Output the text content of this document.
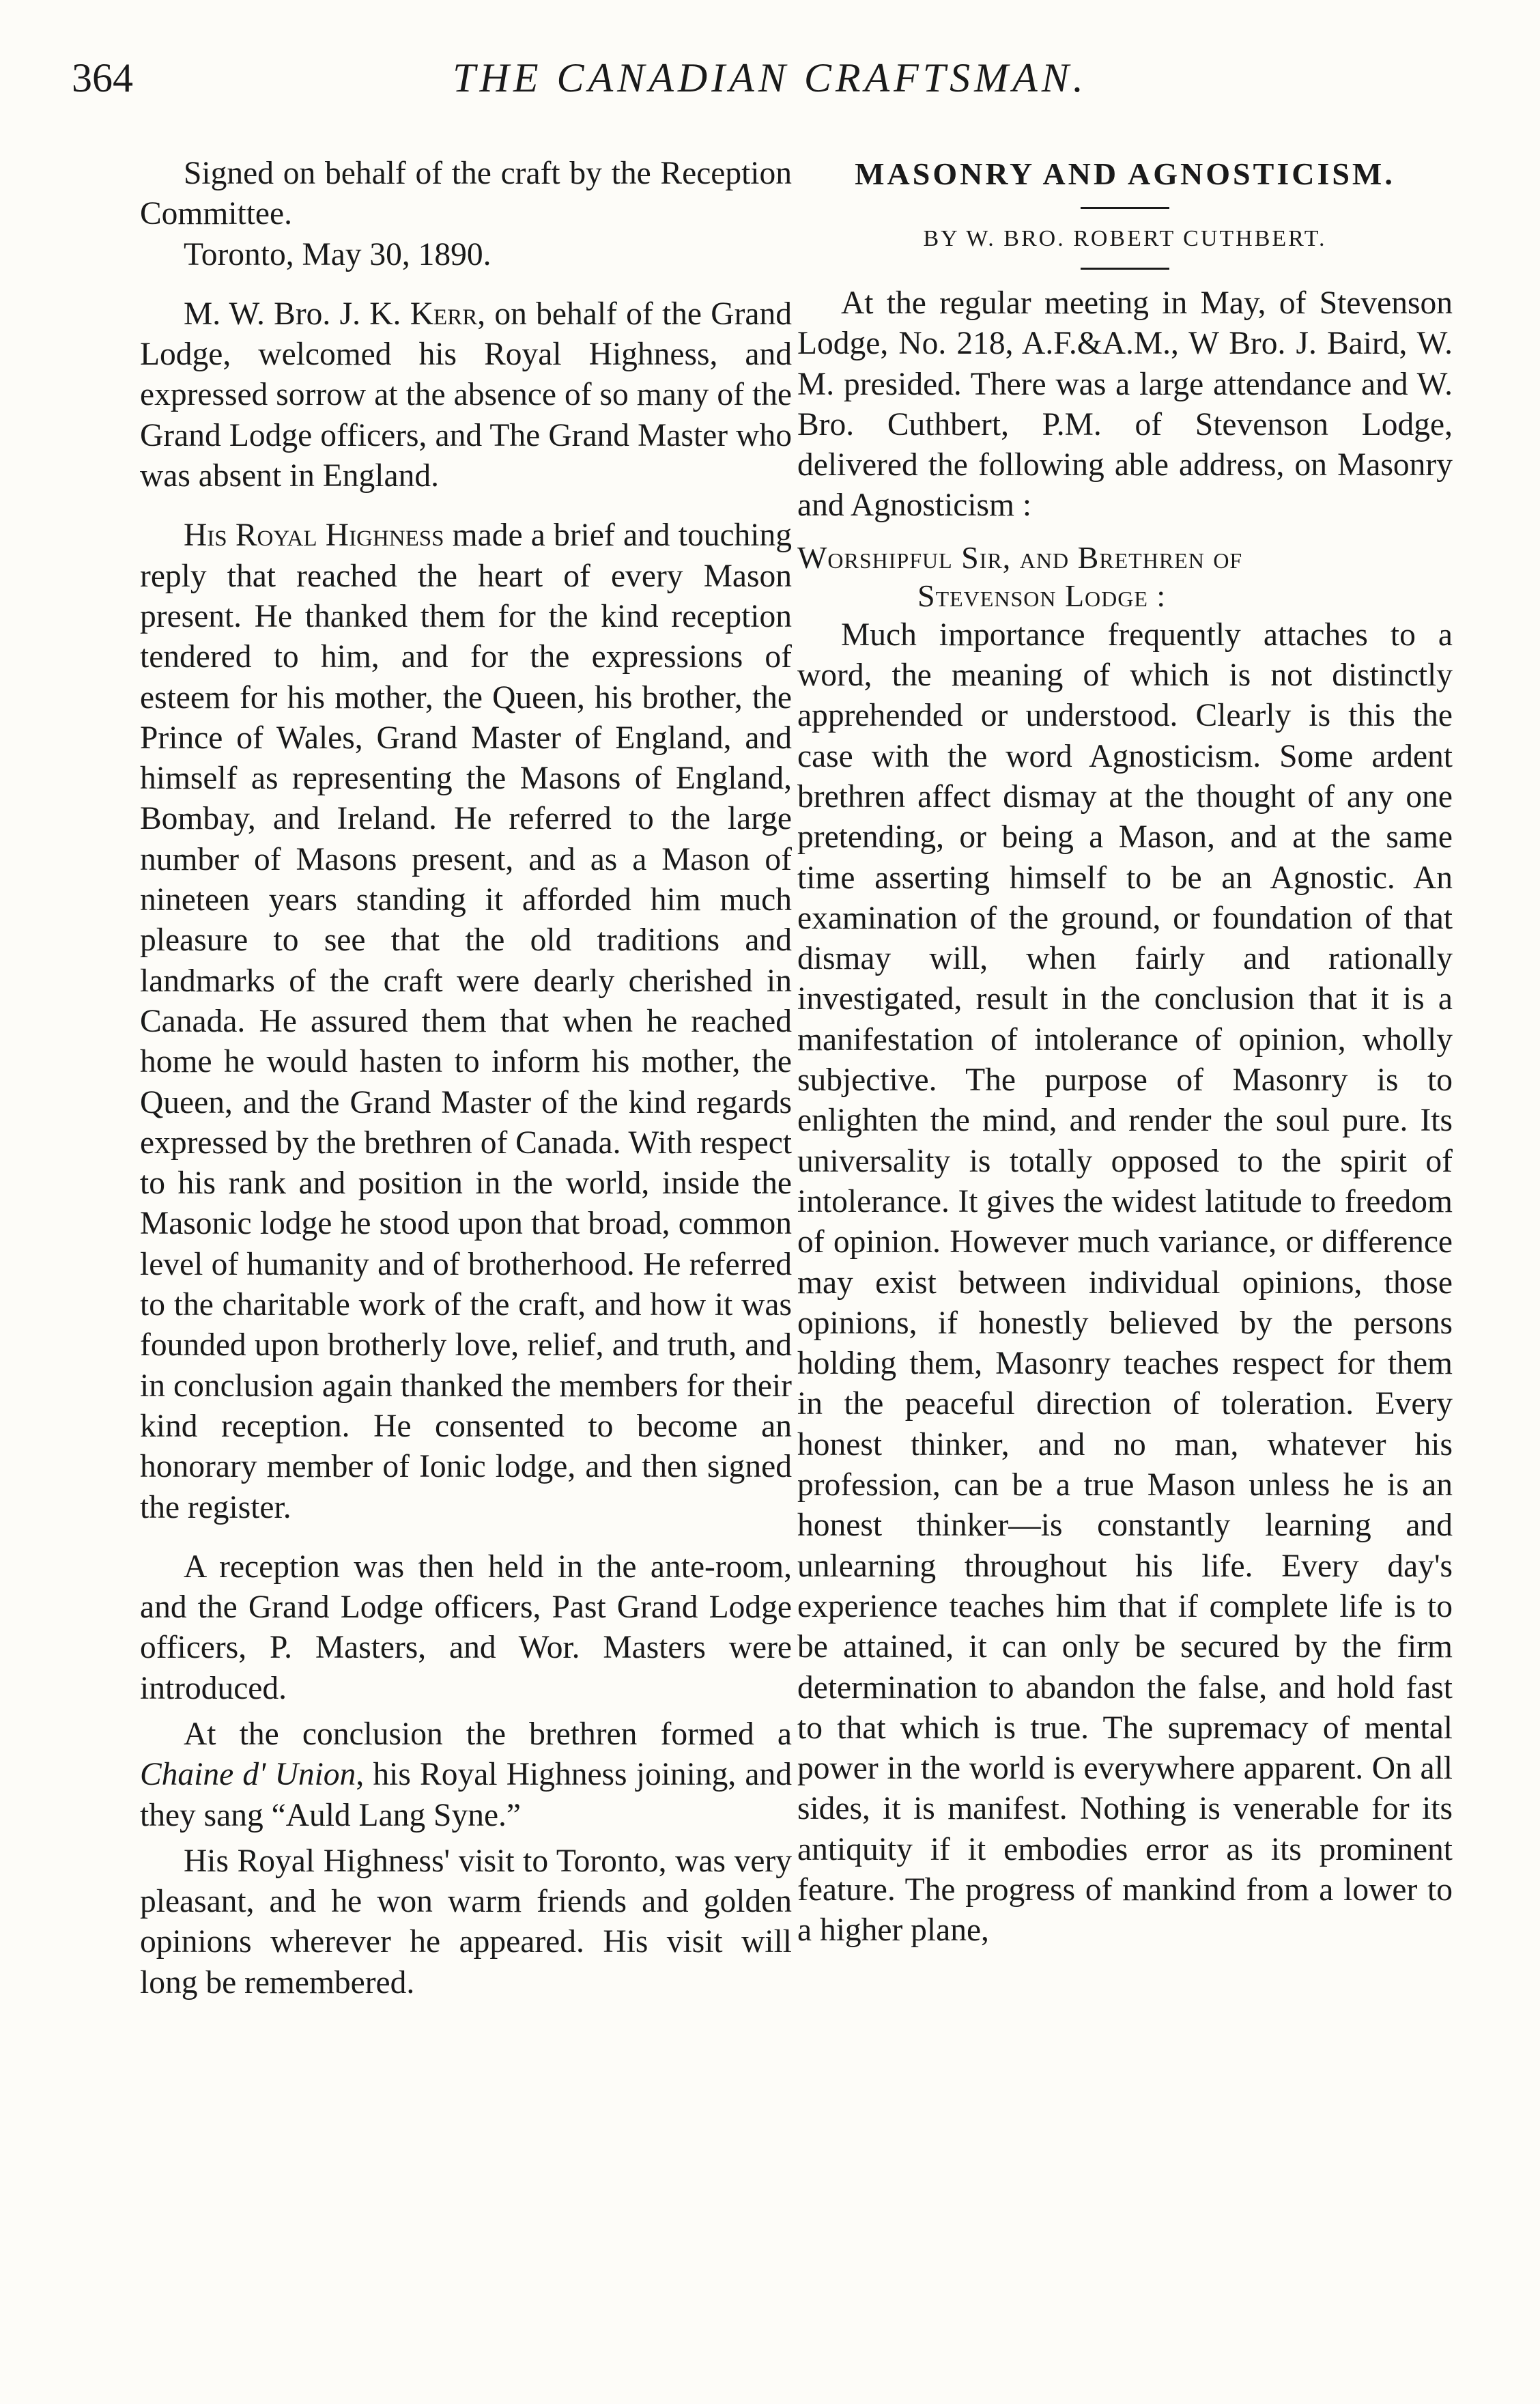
364	THE CANADIAN CRAFTSMAN.

Signed on behalf of the craft by the Reception Committee.

Toronto, May 30, 1890.

M. W. Bro. J. K. Kerr, on behalf of the Grand Lodge, welcomed his Royal Highness, and expressed sorrow at the absence of so many of the Grand Lodge officers, and The Grand Master who was absent in England.

His Royal Highness made a brief and touching reply that reached the heart of every Mason present. He thanked them for the kind reception tendered to him, and for the expressions of esteem for his mother, the Queen, his brother, the Prince of Wales, Grand Master of England, and himself as representing the Masons of England, Bombay, and Ireland. He referred to the large number of Masons present, and as a Mason of nineteen years standing it afforded him much pleasure to see that the old traditions and landmarks of the craft were dearly cherished in Canada. He assured them that when he reached home he would hasten to inform his mother, the Queen, and the Grand Master of the kind regards expressed by the brethren of Canada. With respect to his rank and position in the world, inside the Masonic lodge he stood upon that broad, common level of humanity and of brotherhood. He referred to the charitable work of the craft, and how it was founded upon brotherly love, relief, and truth, and in conclusion again thanked the members for their kind reception. He consented to become an honorary member of Ionic lodge, and then signed the register.

A reception was then held in the ante-room, and the Grand Lodge officers, Past Grand Lodge officers, P. Masters, and Wor. Masters were introduced.

At the conclusion the brethren formed a Chaine d' Union, his Royal Highness joining, and they sang “Auld Lang Syne.”

His Royal Highness' visit to Toronto, was very pleasant, and he won warm friends and golden opinions wherever he appeared. His visit will long be remembered.

MASONRY AND AGNOSTICISM.

BY W. BRO. ROBERT CUTHBERT.

At the regular meeting in May, of Stevenson Lodge, No. 218, A.F.&A.M., W Bro. J. Baird, W. M. presided. There was a large attendance and W. Bro. Cuthbert, P.M. of Stevenson Lodge, delivered the following able address, on Masonry and Agnosticism :

Worshipful Sir, and Brethren of
Stevenson Lodge :

Much importance frequently attaches to a word, the meaning of which is not distinctly apprehended or understood. Clearly is this the case with the word Agnosticism. Some ardent brethren affect dismay at the thought of any one pretending, or being a Mason, and at the same time asserting himself to be an Agnostic. An examination of the ground, or foundation of that dismay will, when fairly and rationally investigated, result in the conclusion that it is a manifestation of intolerance of opinion, wholly subjective. The purpose of Masonry is to enlighten the mind, and render the soul pure. Its universality is totally opposed to the spirit of intolerance. It gives the widest latitude to freedom of opinion. However much variance, or difference may exist between individual opinions, those opinions, if honestly believed by the persons holding them, Masonry teaches respect for them in the peaceful direction of toleration. Every honest thinker, and no man, whatever his profession, can be a true Mason unless he is an honest thinker—is constantly learning and unlearning throughout his life. Every day's experience teaches him that if complete life is to be attained, it can only be secured by the firm determination to abandon the false, and hold fast to that which is true. The supremacy of mental power in the world is everywhere apparent. On all sides, it is manifest. Nothing is venerable for its antiquity if it embodies error as its prominent feature. The progress of mankind from a lower to a higher plane,
